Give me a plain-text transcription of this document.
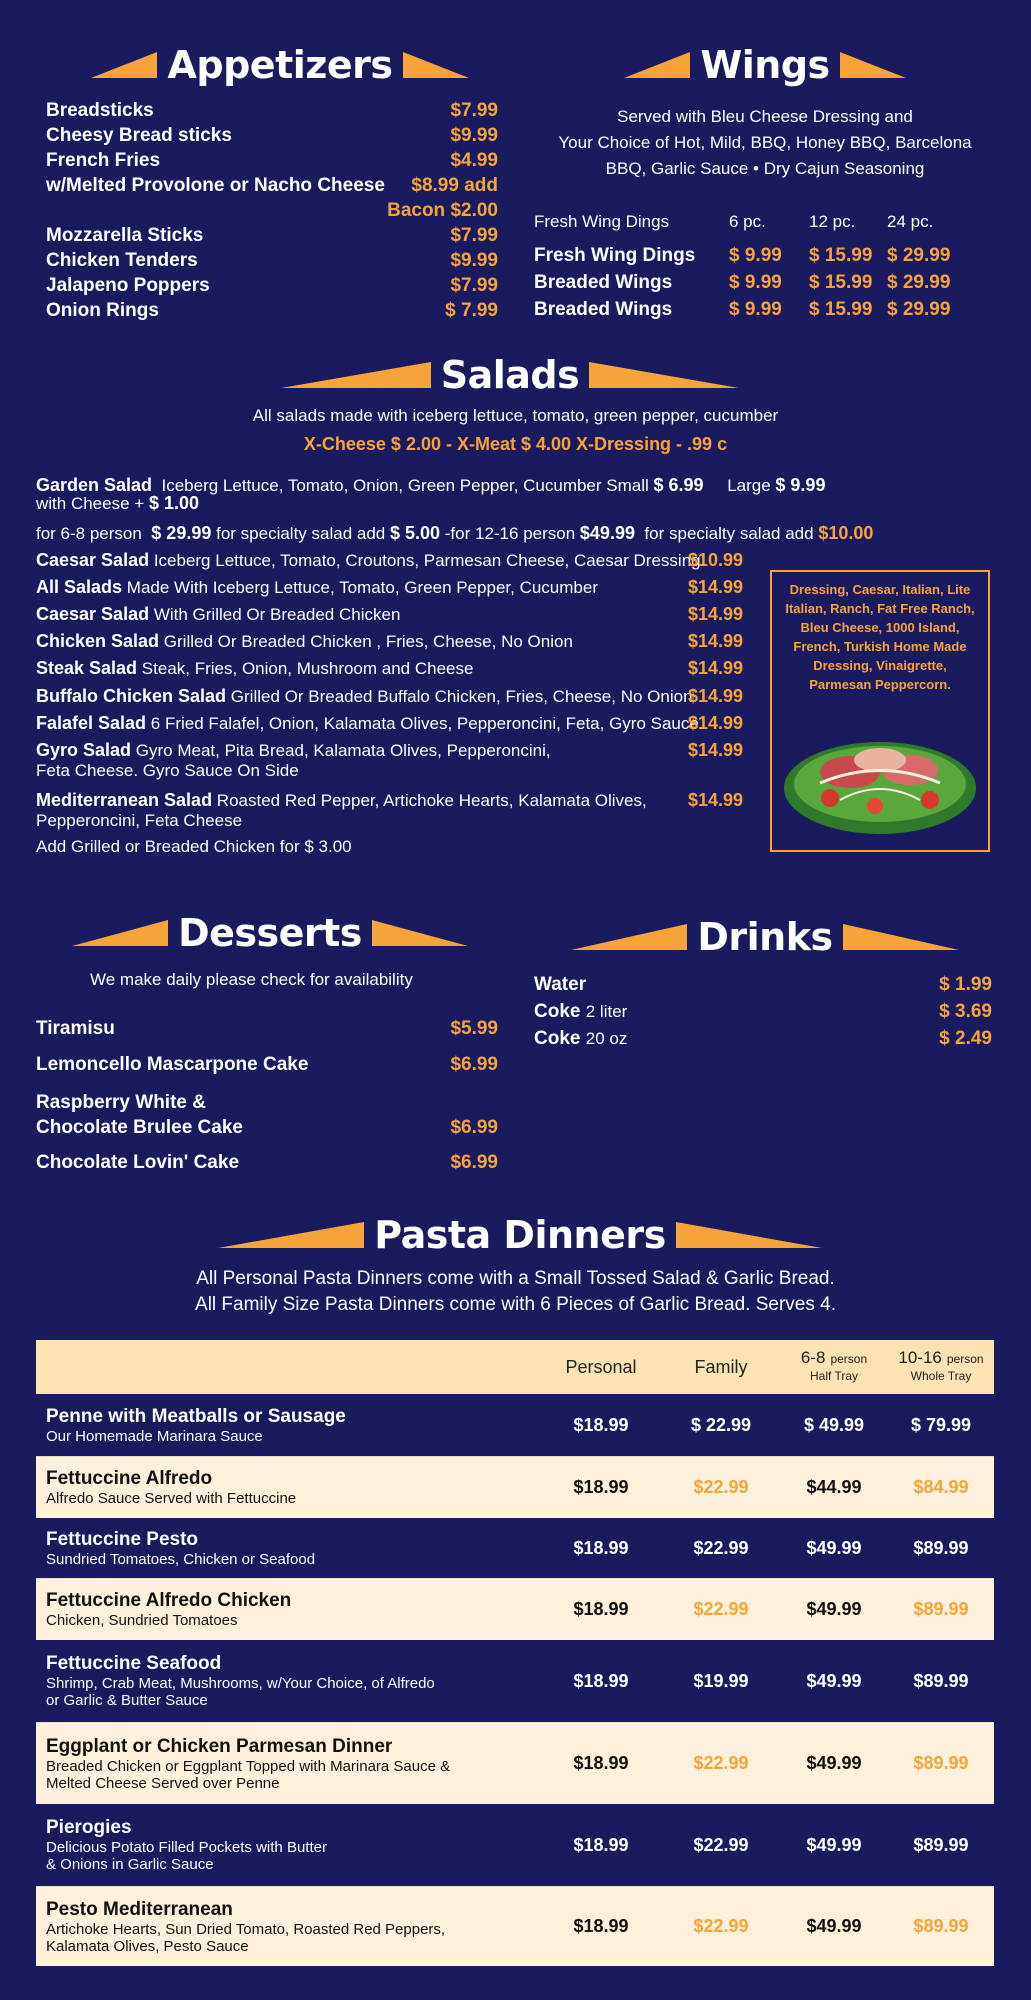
Appetizers
Breadsticks	$7.99
Cheesy Bread sticks	$9.99
French Fries	$4.99
w/Melted Provolone or Nacho Cheese $8.99 add
Bacon $2.00
Mozzarella Sticks	$7.99
Chicken Tenders	$9.99
Jalapeno Poppers	$7.99
Onion Rings	$ 7.99
Wings
Served with Bleu Cheese Dressing and
Your Choice of Hot, Mild, BBQ, Honey BBQ, Barcelona
BBQ, Garlic Sauce • Dry Cajun Seasoning
Fresh Wing Dings	6 pc.	12 pc.	24 pc.
Fresh Wing Dings	$ 9.99	$ 15.99 $ 29.99
Breaded Wings	$ 9.99	$ 15.99 $ 29.99
Breaded Wings	$ 9.99	$ 15.99 $ 29.99
Salads
All salads made with iceberg lettuce, tomato, green pepper, cucumber
X-Cheese $ 2.00 - X-Meat $ 4.00 X-Dressing - .99 c
Garden Salad Iceberg Lettuce, Tomato, Onion, Green Pepper, Cucumber Small $ 6.99 Large $ 9.99
with Cheese + $ 1.00
for 6-8 person $ 29.99 for specialty salad add $ 5.00 -for 12-16 person $49.99 for specialty salad add $10.00
Caesar Salad Iceberg Lettuce, Tomato, Croutons, Parmesan Cheese, Caesar Dressing
$10.99
All Salads Made With Iceberg Lettuce, Tomato, Green Pepper, Cucumber	$14.99
Caesar Salad With Grilled Or Breaded Chicken	$14.99
Chicken Salad Grilled Or Breaded Chicken , Fries, Cheese, No Onion	$14.99
Steak Salad Steak, Fries, Onion, Mushroom and Cheese	$14.99
Buffalo Chicken Salad Grilled Or Breaded Buffalo Chicken, Fries, Cheese, No Onion
$14.99
Falafel Salad 6 Fried Falafel, Onion, Kalamata Olives, Pepperoncini, Feta, Gyro Sauce
$14.99
Gyro Salad Gyro Meat, Pita Bread, Kalamata Olives, Pepperoncini,
Feta Cheese. Gyro Sauce On Side
$14.99
Mediterranean Salad Roasted Red Pepper, Artichoke Hearts, Kalamata Olives,
Pepperoncini, Feta Cheese
$14.99
Add Grilled or Breaded Chicken for $ 3.00
Dressing, Caesar, Italian, Lite Italian, Ranch, Fat Free Ranch, Bleu Cheese, 1000 Island, French, Turkish Home Made Dressing, Vinaigrette, Parmesan Peppercorn.
Desserts
We make daily please check for availability
Tiramisu	$5.99
Lemoncello Mascarpone Cake	$6.99
Raspberry White &
Chocolate Brulee Cake	$6.99
Chocolate Lovin' Cake	$6.99
Drinks
Water	$ 1.99
Coke 2 liter	$ 3.69
Coke 20 oz	$ 2.49
Pasta Dinners
All Personal Pasta Dinners come with a Small Tossed Salad & Garlic Bread.
All Family Size Pasta Dinners come with 6 Pieces of Garlic Bread. Serves 4.
Personal	Family	6-8 person
Half Tray
10-16 person
Whole Tray
Penne with Meatballs or Sausage
Our Homemade Marinara Sauce
$18.99	$ 22.99	$ 49.99	$ 79.99
Fettuccine Alfredo
Alfredo Sauce Served with Fettuccine
$18.99	$22.99	$44.99	$84.99
Fettuccine Pesto
Sundried Tomatoes, Chicken or Seafood
$18.99	$22.99	$49.99	$89.99
Fettuccine Alfredo Chicken
Chicken, Sundried Tomatoes
$18.99	$22.99	$49.99	$89.99
Fettuccine Seafood
Shrimp, Crab Meat, Mushrooms, w/Your Choice, of Alfredo
or Garlic & Butter Sauce
$18.99	$19.99	$49.99	$89.99
Eggplant or Chicken Parmesan Dinner
Breaded Chicken or Eggplant Topped with Marinara Sauce &
Melted Cheese Served over Penne
$18.99	$22.99	$49.99	$89.99
Pierogies
Delicious Potato Filled Pockets with Butter
& Onions in Garlic Sauce
$18.99	$22.99	$49.99	$89.99
Pesto Mediterranean
Artichoke Hearts, Sun Dried Tomato, Roasted Red Peppers,
Kalamata Olives, Pesto Sauce
$18.99	$22.99	$49.99	$89.99
